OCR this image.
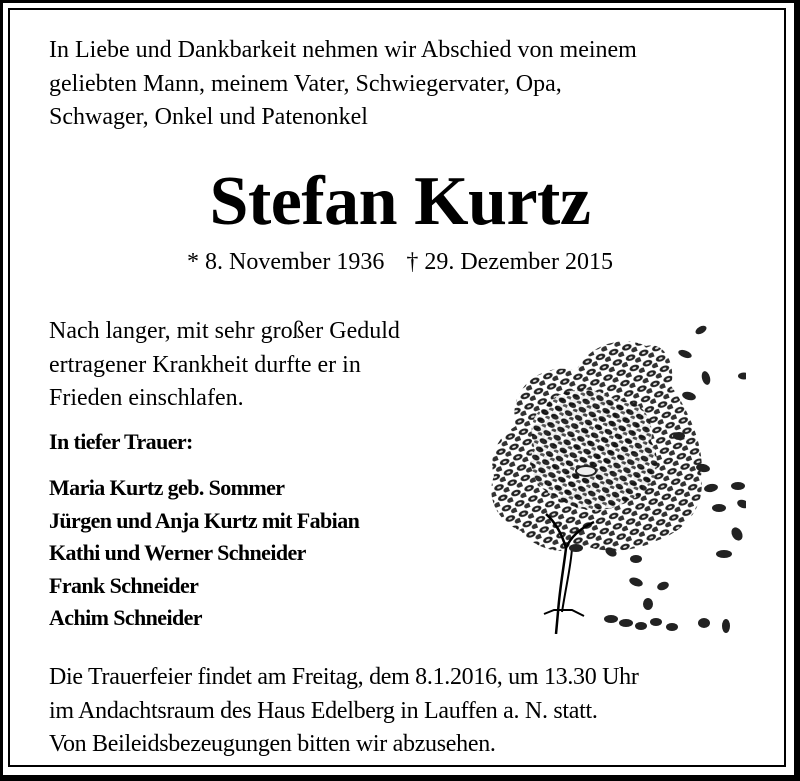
In Liebe und Dankbarkeit nehmen wir Abschied von meinem
geliebten Mann, meinem Vater, Schwiegervater, Opa,
Schwager, Onkel und Patenonkel
Stefan Kurtz
* 8. November 1936 † 29. Dezember 2015
Nach langer, mit sehr großer Geduld
ertragener Krankheit durfte er in
Frieden einschlafen.
In tiefer Trauer:
Maria Kurtz geb. Sommer
Jürgen und Anja Kurtz mit Fabian
Kathi und Werner Schneider
Frank Schneider
Achim Schneider
Die Trauerfeier findet am Freitag, dem 8.1.2016, um 13.30 Uhr
im Andachtsraum des Haus Edelberg in Lauffen a. N. statt.
Von Beileidsbezeugungen bitten wir abzusehen.
